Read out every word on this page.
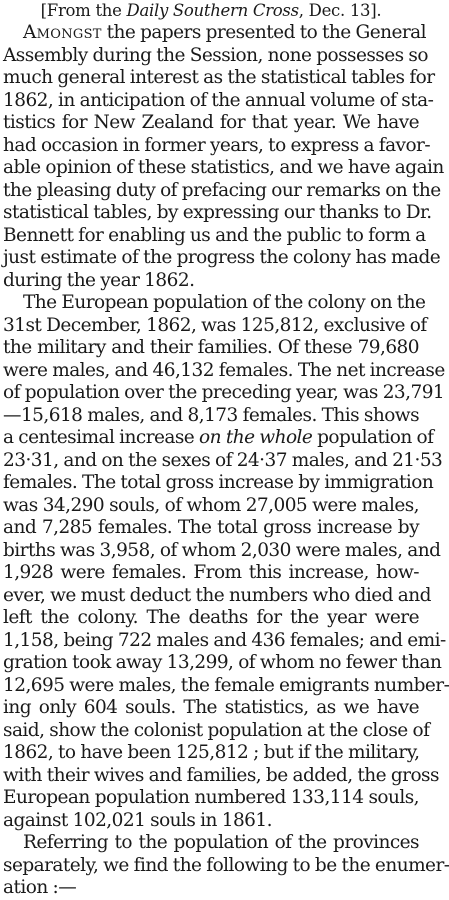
[From the Daily Southern Cross, Dec. 13].
Amongst the papers presented to the General
Assembly during the Session, none possesses so
much general interest as the statistical tables for
1862, in anticipation of the annual volume of sta-
tistics for New Zealand for that year. We have
had occasion in former years, to express a favor-
able opinion of these statistics, and we have again
the pleasing duty of prefacing our remarks on the
statistical tables, by expressing our thanks to Dr.
Bennett for enabling us and the public to form a
just estimate of the progress the colony has made
during the year 1862.
The European population of the colony on the
31st December, 1862, was 125,812, exclusive of
the military and their families. Of these 79,680
were males, and 46,132 females. The net increase
of population over the preceding year, was 23,791
—15,618 males, and 8,173 females. This shows
a centesimal increase on the whole population of
23·31, and on the sexes of 24·37 males, and 21·53
females. The total gross increase by immigration
was 34,290 souls, of whom 27,005 were males,
and 7,285 females. The total gross increase by
births was 3,958, of whom 2,030 were males, and
1,928 were females. From this increase, how-
ever, we must deduct the numbers who died and
left the colony. The deaths for the year were
1,158, being 722 males and 436 females; and emi-
gration took away 13,299, of whom no fewer than
12,695 were males, the female emigrants number-
ing only 604 souls. The statistics, as we have
said, show the colonist population at the close of
1862, to have been 125,812 ; but if the military,
with their wives and families, be added, the gross
European population numbered 133,114 souls,
against 102,021 souls in 1861.
Referring to the population of the provinces
separately, we find the following to be the enumer-
ation :—
